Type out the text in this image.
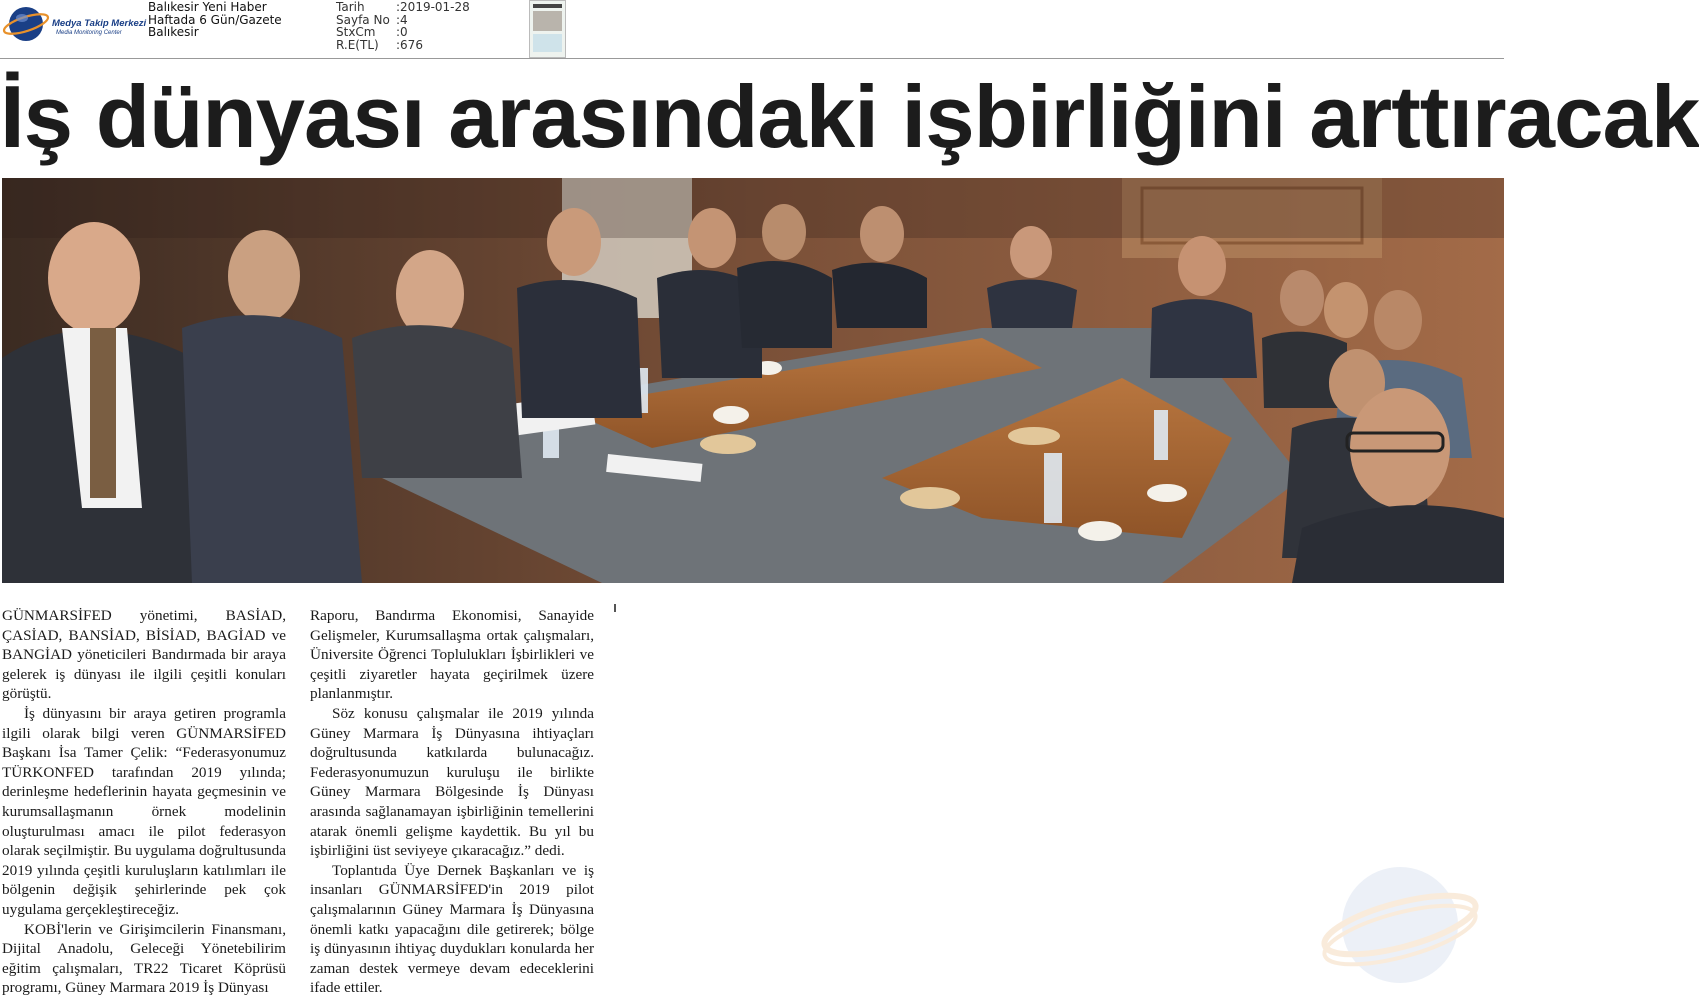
Medya Takip Merkezi
Media Monitoring Center
Balıkesir Yeni Haber
Haftada 6 Gün/Gazete
Balıkesir
Tarih	:2019-01-28
Sayfa No :4
StxCm :0
R.E(TL) :676
İş dünyası arasındaki işbirliğini arttıracak

GÜNMARSİFED yönetimi, BASİAD, ÇASİAD, BANSİAD, BİSİAD, BAGİAD ve BANGİAD yöneticileri Bandırmada bir araya gelerek iş dünyası ile ilgili çeşitli konuları görüştü.

İş dünyasını bir araya getiren programla ilgili olarak bilgi veren GÜNMARSİFED Başkanı İsa Tamer Çelik: “Federasyonumuz TÜRKONFED tarafından 2019 yılında; derinleşme hedeflerinin hayata geçmesinin ve kurumsallaşmanın örnek modelinin oluşturulması amacı ile pilot federasyon olarak seçilmiştir. Bu uygulama doğrultusunda 2019 yılında çeşitli kuruluşların katılımları ile bölgenin değişik şehirlerinde pek çok uygulama gerçekleştireceğiz.

KOBİ'lerin ve Girişimcilerin Finansmanı, Dijital Anadolu, Geleceği Yönetebilirim eğitim çalışmaları, TR22 Ticaret Köprüsü programı, Güney Marmara 2019 İş Dünyası

Raporu, Bandırma Ekonomisi, Sanayide Gelişmeler, Kurumsallaşma ortak çalışmaları, Üniversite Öğrenci Toplulukları İşbirlikleri ve çeşitli ziyaretler hayata geçirilmek üzere planlanmıştır.

Söz konusu çalışmalar ile 2019 yılında Güney Marmara İş Dünyasına ihtiyaçları doğrultusunda katkılarda bulunacağız. Federasyonumuzun kuruluşu ile birlikte Güney Marmara Bölgesinde İş Dünyası arasında sağlanamayan işbirliğinin temellerini atarak önemli gelişme kaydettik. Bu yıl bu işbirliğini üst seviyeye çıkaracağız.” dedi.

Toplantıda Üye Dernek Başkanları ve iş insanları GÜNMARSİFED'in 2019 pilot çalışmalarının Güney Marmara İş Dünyasına önemli katkı yapacağını dile getirerek; bölge iş dünyasının ihtiyaç duydukları konularda her zaman destek vermeye devam edeceklerini ifade ettiler.
